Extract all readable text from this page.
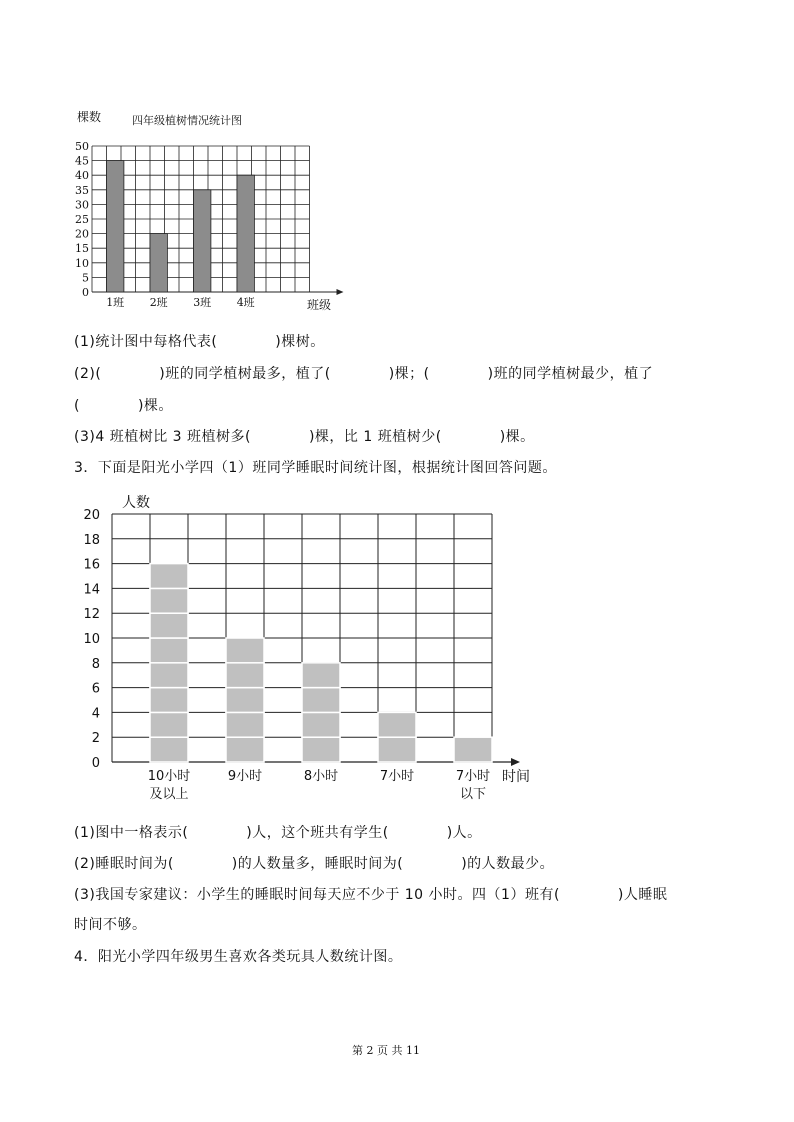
0
5
10
15
20
25
30
35
40
45
50
1班 2班 3班 4班
四年级植树情况统计图
棵数
班级
(1)统计图中每格代表(　　　　)棵树。
(2)(　　　　)班的同学植树最多，植了(　　　　)棵；(　　　　)班的同学植树最少，植了
(　　　　)棵。
(3)4 班植树比 3 班植树多(　　　　)棵，比 1 班植树少(　　　　)棵。
3．下面是阳光小学四（1）班同学睡眠时间统计图，根据统计图回答问题。
0
2
4
6
8
10
12
14
16
18
20
10小时
及以上
9小时	8小时	7小时	7小时
以下
人数
时间
(1)图中一格表示(　　　　)人，这个班共有学生(　　　　)人。
(2)睡眠时间为(　　　　)的人数量多，睡眠时间为(　　　　)的人数最少。
(3)我国专家建议：小学生的睡眠时间每天应不少于 10 小时。四（1）班有(　　　　)人睡眠
时间不够。
4．阳光小学四年级男生喜欢各类玩具人数统计图。
第 2 页 共 11
